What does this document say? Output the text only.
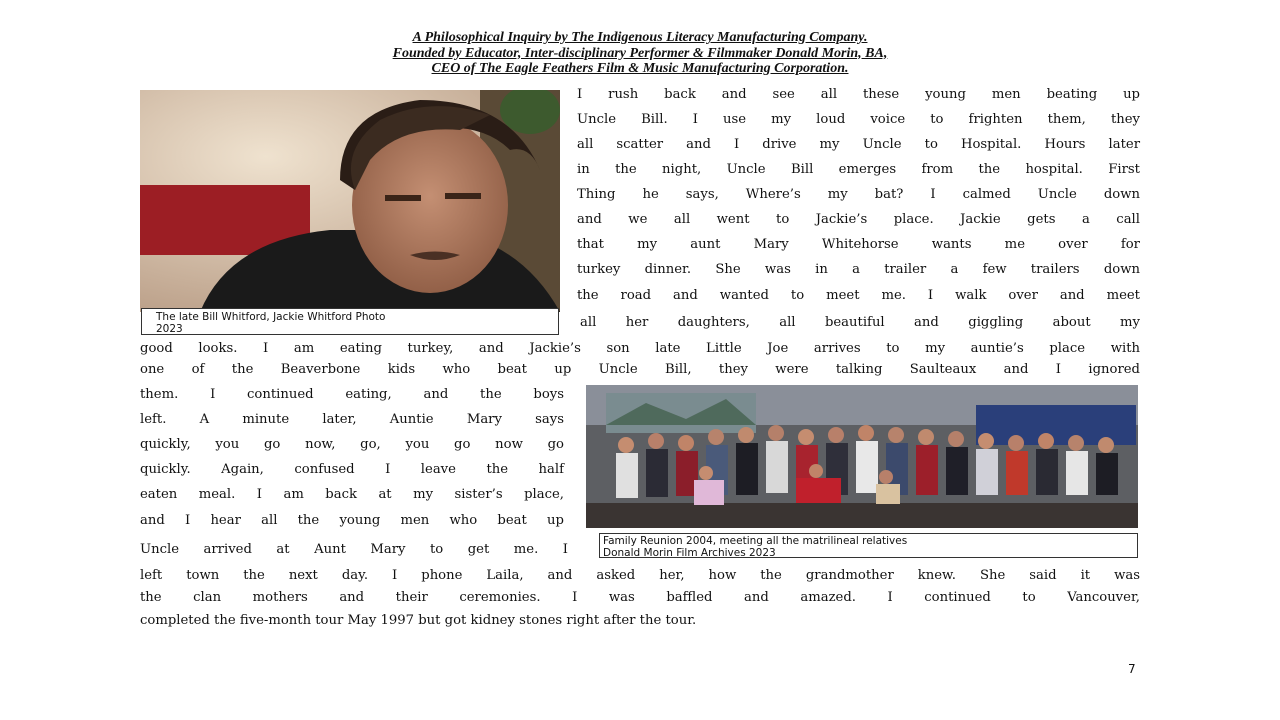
A Philosophical Inquiry by The Indigenous Literacy Manufacturing Company.
Founded by Educator, Inter-disciplinary Performer & Filmmaker Donald Morin, BA,
CEO of The Eagle Feathers Film & Music Manufacturing Corporation.
The late Bill Whitford, Jackie Whitford Photo
2023
Family Reunion 2004, meeting all the matrilineal relatives
Donald Morin Film Archives 2023
I rush back and see all these young men beating up
Uncle Bill. I use my loud voice to frighten them, they
all scatter and I drive my Uncle to Hospital. Hours later
in the night, Uncle Bill emerges from the hospital. First
Thing he says, Where’s my bat? I calmed Uncle down
and we all went to Jackie’s place. Jackie gets a call
that my aunt Mary Whitehorse wants me over for
turkey dinner. She was in a trailer a few trailers down
the road and wanted to meet me. I walk over and meet
all her daughters, all beautiful and giggling about my
good looks. I am eating turkey, and Jackie’s son late Little Joe arrives to my auntie’s place with
one of the Beaverbone kids who beat up Uncle Bill, they were talking Saulteaux and I ignored
them. I continued eating, and the boys
left. A minute later, Auntie Mary says
quickly, you go now, go, you go now go
quickly. Again, confused I leave the half
eaten meal. I am back at my sister’s place,
and I hear all the young men who beat up
Uncle arrived at Aunt Mary to get me. I
left town the next day. I phone Laila, and asked her, how the grandmother knew. She said it was
the clan mothers and their ceremonies. I was baffled and amazed. I continued to Vancouver,
completed the five-month tour May 1997 but got kidney stones right after the tour.
7
